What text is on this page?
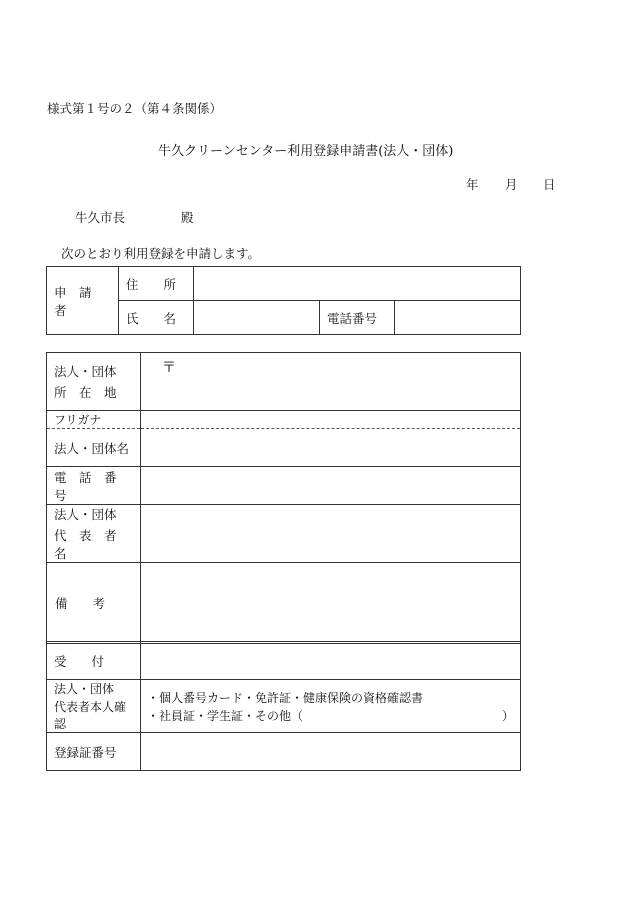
様式第１号の２（第４条関係）
牛久クリーンセンター利用登録申請書(法人・団体)
年 月 日
牛久市長	殿
次のとおり利用登録を申請します。
申　請　者	住　　所			
	氏　　名		電話番号	
法人・団体
所　在　地	〒
フリガナ	
法人・団体名	
電　話　番　号	

法人・団体
代　表　者　名	

備　　考	
受　　付	

法人・団体
代表者本人確認	・個人番号カード・免許証・健康保険の資格確認書
・社員証・学生証・その他（ ）

登録証番号	
